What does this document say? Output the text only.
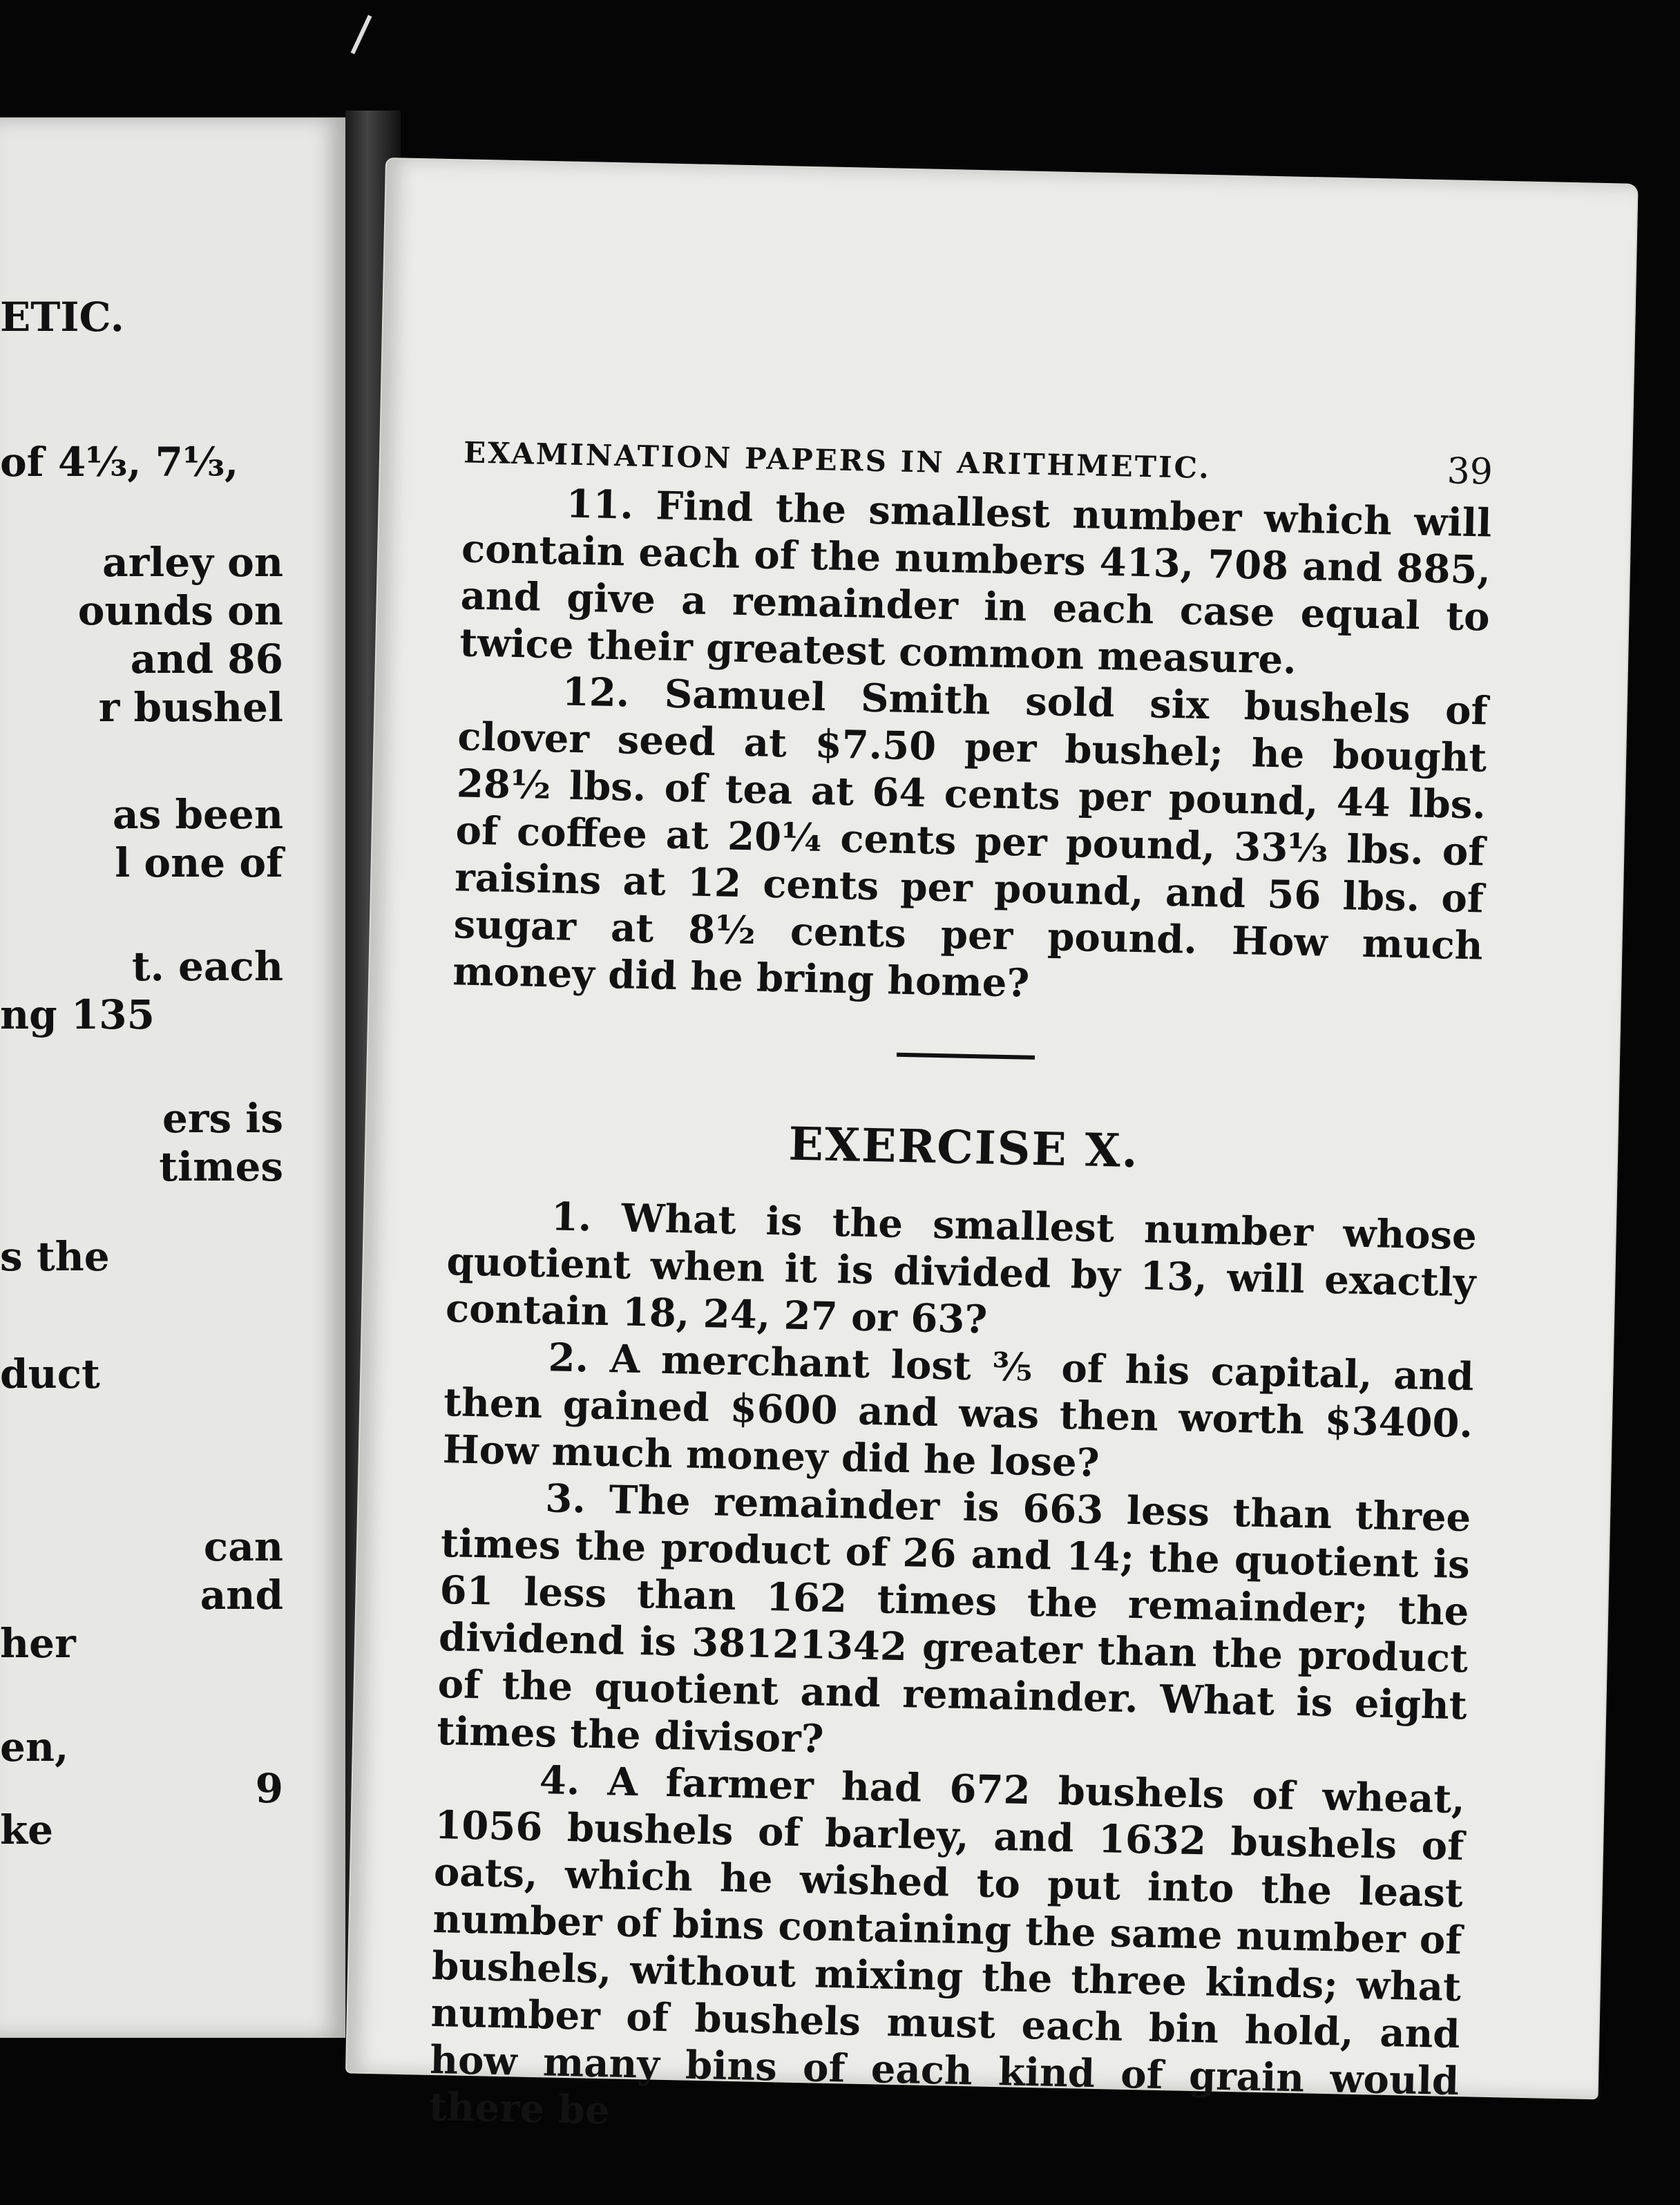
ETIC.
of 4⅓, 7⅓,
arley on
ounds on
and 86
r bushel
as been
l one of
t. each
ng 135
ers is
times
s the
duct
can
and
her
en,
9
ke
EXAMINATION PAPERS IN ARITHMETIC.	39

11. Find the smallest number which will contain each of the numbers 413, 708 and 885, and give a remainder in each case equal to twice their greatest common measure.

12. Samuel Smith sold six bushels of clover seed at $7.50 per bushel; he bought 28½ lbs. of tea at 64 cents per pound, 44 lbs. of coffee at 20¼ cents per pound, 33⅓ lbs. of raisins at 12 cents per pound, and 56 lbs. of sugar at 8½ cents per pound. How much money did he bring home?

EXERCISE X.

1. What is the smallest number whose quotient when it is divided by 13, will exactly contain 18, 24, 27 or 63?

2. A merchant lost ⅗ of his capital, and then gained $600 and was then worth $3400. How much money did he lose?

3. The remainder is 663 less than three times the product of 26 and 14; the quotient is 61 less than 162 times the remainder; the dividend is 38121342 greater than the product of the quotient and remainder. What is eight times the divisor?

4. A farmer had 672 bushels of wheat, 1056 bushels of barley, and 1632 bushels of oats, which he wished to put into the least number of bins containing the same number of bushels, without mixing the three kinds; what number of bushels must each bin hold, and how many bins of each kind of grain would there be
